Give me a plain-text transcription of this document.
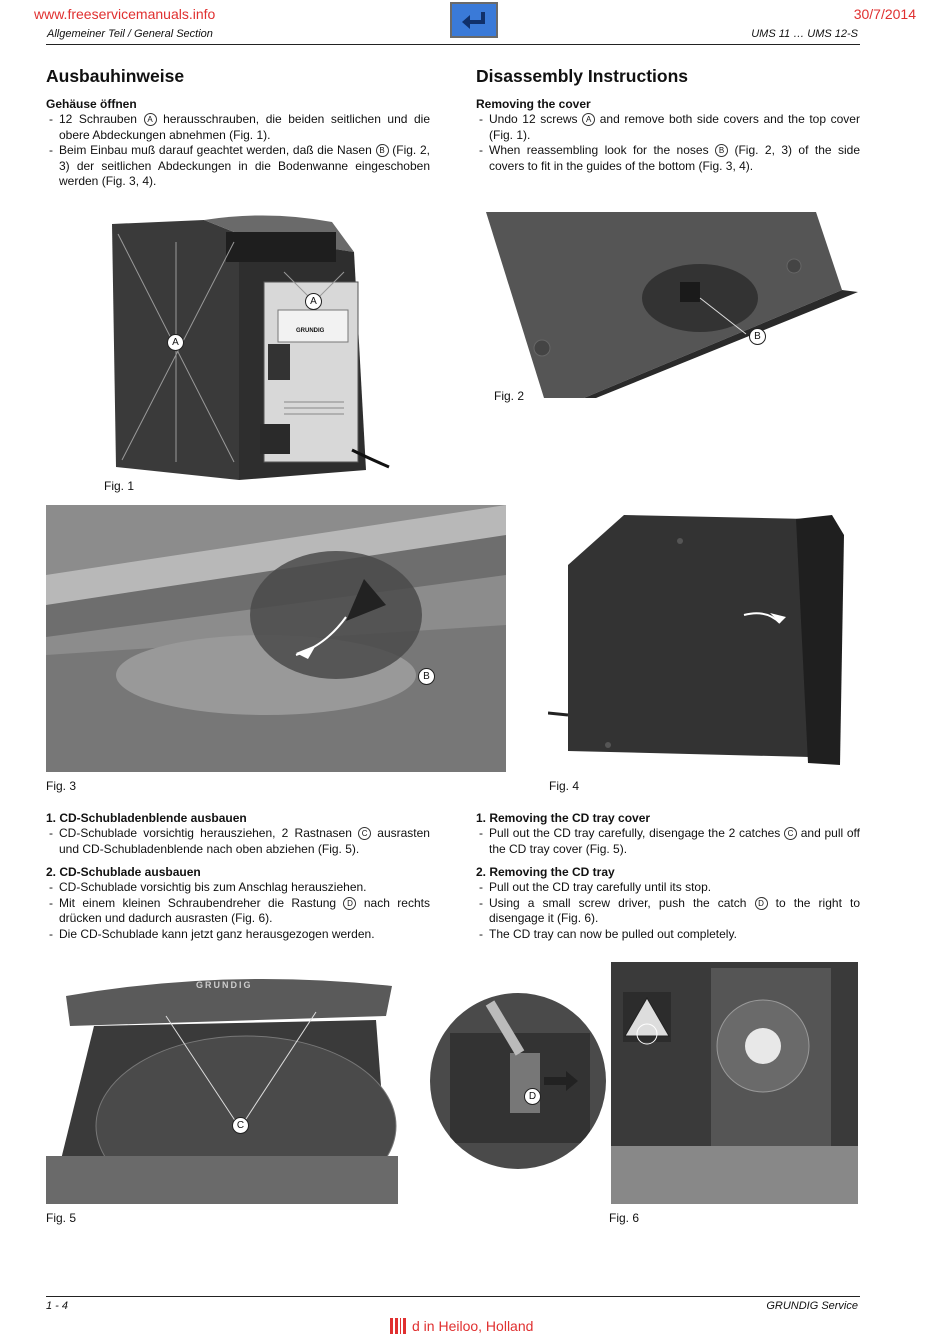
www.freeservicemanuals.info	30/7/2014
Allgemeiner Teil / General Section	UMS 11 … UMS 12-S
Ausbauhinweise
Gehäuse öffnen
- 12 Schrauben A herausschrauben, die beiden seitlichen und die obere Abdeckungen abnehmen (Fig. 1).
- Beim Einbau muß darauf geachtet werden, daß die Nasen B (Fig. 2, 3) der seitlichen Abdeckungen in die Bodenwanne eingeschoben werden (Fig. 3, 4).
Disassembly Instructions
Removing the cover
- Undo 12 screws A and remove both side covers and the top cover (Fig. 1).
- When reassembling look for the noses B (Fig. 2, 3) of the side covers to fit in the guides of the bottom (Fig. 3, 4).
GRUNDIG
A
A
Fig. 1
B
Fig. 2
B
Fig. 3	Fig. 4
1. CD-Schubladenblende ausbauen
- CD-Schublade vorsichtig herausziehen, 2 Rastnasen C ausrasten und CD-Schubladenblende nach oben abziehen (Fig. 5).
2. CD-Schublade ausbauen
- CD-Schublade vorsichtig bis zum Anschlag herausziehen.
- Mit einem kleinen Schraubendreher die Rastung D nach rechts drücken und dadurch ausrasten (Fig. 6).
- Die CD-Schublade kann jetzt ganz herausgezogen werden.
1. Removing the CD tray cover
- Pull out the CD tray carefully, disengage the 2 catches C and pull off the CD tray cover (Fig. 5).
2. Removing the CD tray
- Pull out the CD tray carefully until its stop.
- Using a small screw driver, push the catch D to the right to disengage it (Fig. 6).
- The CD tray can now be pulled out completely.
GRUNDIG
C
Fig. 5
D
Fig. 6
1 - 4	GRUNDIG Service
d in Heiloo, Holland
